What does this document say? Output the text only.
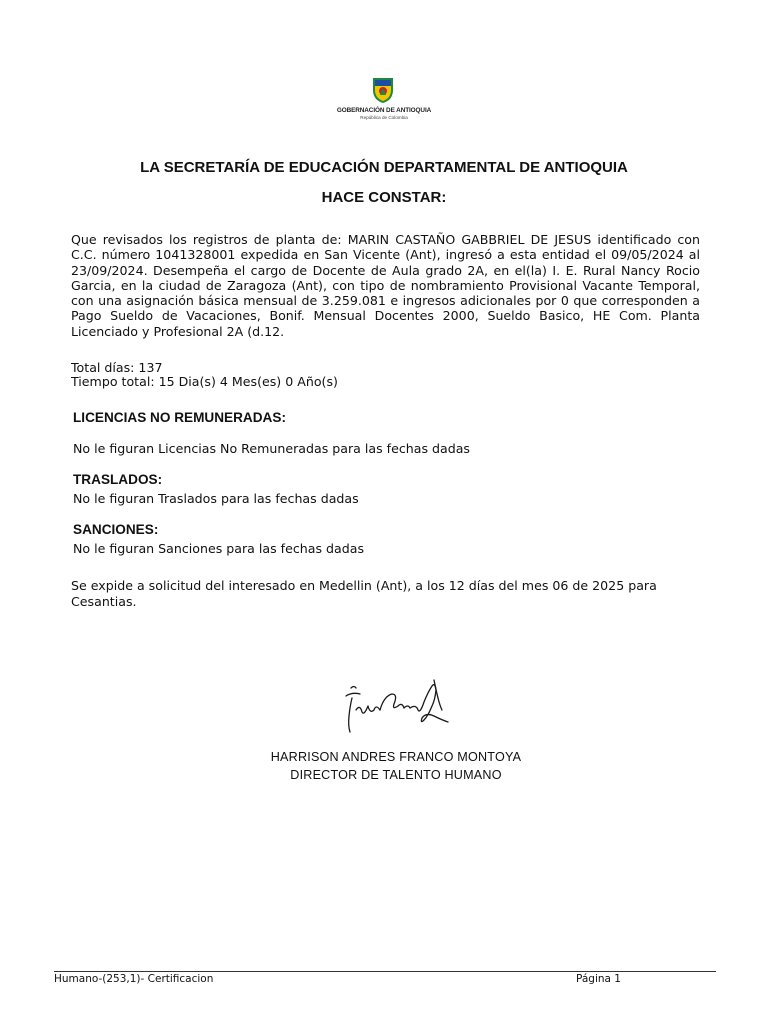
GOBERNACIÓN DE ANTIOQUIA
República de Colombia
LA SECRETARÍA DE EDUCACIÓN DEPARTAMENTAL DE ANTIOQUIA
HACE CONSTAR:
Que revisados los registros de planta de: MARIN CASTAÑO GABBRIEL DE JESUS identificado con C.C. número 1041328001 expedida en San Vicente (Ant), ingresó a esta entidad el 09/05/2024 al 23/09/2024. Desempeña el cargo de Docente de Aula grado 2A, en el(la) I. E. Rural Nancy Rocio Garcia, en la ciudad de Zaragoza (Ant), con tipo de nombramiento Provisional Vacante Temporal, con una asignación básica mensual de 3.259.081 e ingresos adicionales por 0 que corresponden a Pago Sueldo de Vacaciones, Bonif. Mensual Docentes 2000, Sueldo Basico, HE Com. Planta Licenciado y Profesional 2A (d.12.
Total días: 137
Tiempo total: 15 Dia(s) 4 Mes(es) 0 Año(s)
LICENCIAS NO REMUNERADAS:
No le figuran Licencias No Remuneradas para las fechas dadas
TRASLADOS:
No le figuran Traslados para las fechas dadas
SANCIONES:
No le figuran Sanciones para las fechas dadas
Se expide a solicitud del interesado en Medellin (Ant), a los 12 días del mes 06 de 2025 para Cesantias.
HARRISON ANDRES FRANCO MONTOYA
DIRECTOR DE TALENTO HUMANO
Humano-(253,1)- Certificacion	Página 1
